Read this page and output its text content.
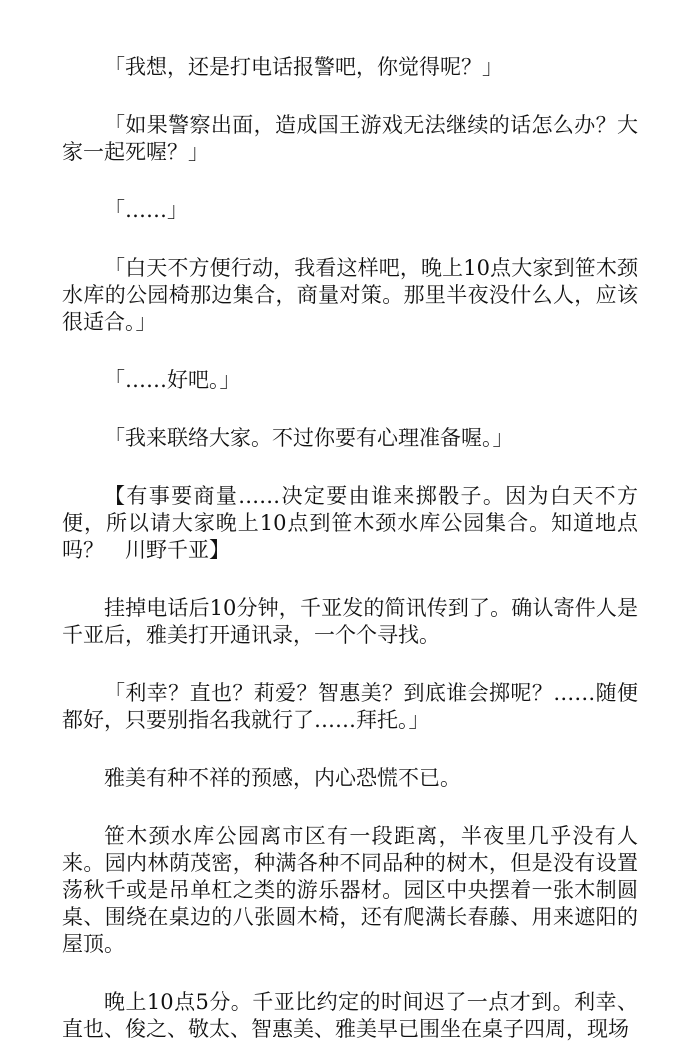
「我想，还是打电话报警吧，你觉得呢？」

「如果警察出面，造成国王游戏无法继续的话怎么办？大家一起死喔？」

「……」

「白天不方便行动，我看这样吧，晚上10点大家到笹木颈水库的公园椅那边集合，商量对策。那里半夜没什么人，应该很适合。」

「……好吧。」

「我来联络大家。不过你要有心理准备喔。」

【有事要商量……决定要由谁来掷骰子。因为白天不方便，所以请大家晚上10点到笹木颈水库公园集合。知道地点吗？　川野千亚】

挂掉电话后10分钟，千亚发的简讯传到了。确认寄件人是千亚后，雅美打开通讯录，一个个寻找。

「利幸？直也？莉爱？智惠美？到底谁会掷呢？……随便都好，只要别指名我就行了……拜托。」

雅美有种不祥的预感，内心恐慌不已。

笹木颈水库公园离市区有一段距离，半夜里几乎没有人来。园内林荫茂密，种满各种不同品种的树木，但是没有设置荡秋千或是吊单杠之类的游乐器材。园区中央摆着一张木制圆桌、围绕在桌边的八张圆木椅，还有爬满长春藤、用来遮阳的屋顶。

晚上10点5分。千亚比约定的时间迟了一点才到。利幸、直也、俊之、敬太、智惠美、雅美早已围坐在桌子四周，现场
